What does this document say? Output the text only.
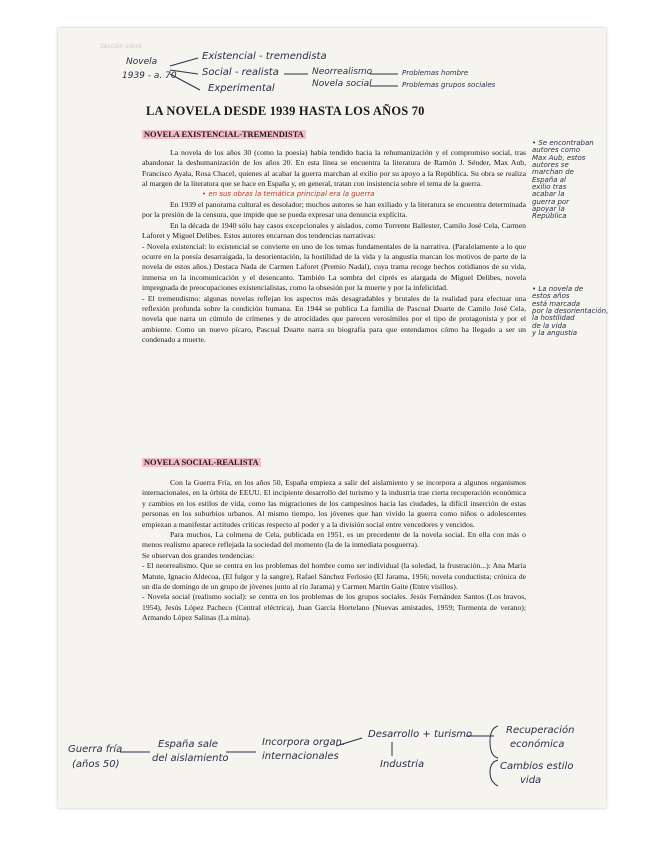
Sección sobre
Novela
1939 - a. 70
Existencial - tremendista
Social - realista	Neorrealismo
Novela social
Problemas hombre
Problemas grupos sociales
Experimental
LA NOVELA DESDE 1939 HASTA LOS AÑOS 70
NOVELA EXISTENCIAL-TREMENDISTA

La novela de los años 30 (como la poesía) había tendido hacia la rehumanización y el compromiso social, tras abandonar la deshumanización de los años 20. En esta línea se encuentra la literatura de Ramón J. Sénder, Max Aub, Francisco Ayala, Rosa Chacel, quienes al acabar la guerra marchan al exilio por su apoyo a la República. Su obra se realiza al margen de la literatura que se hace en España y, en general, tratan con insistencia sobre el tema de la guerra.

• en sus obras la temática principal era la guerra

En 1939 el panorama cultural es desolador; muchos autores se han exiliado y la literatura se encuentra determinada por la presión de la censura, que impide que se pueda expresar una denuncia explícita.

En la década de 1940 sólo hay casos excepcionales y aislados, como Torrente Ballester, Camilo José Cela, Carmen Laforet y Miguel Delibes. Estos autores encarnan dos tendencias narrativas:

- Novela existencial: lo existencial se convierte en uno de los temas fundamentales de la narrativa. (Paralelamente a lo que ocurre en la poesía desarraigada, la desorientación, la hostilidad de la vida y la angustia marcan los motivos de parte de la novela de estos años.) Destaca Nada de Carmen Laforet (Premio Nadal), cuya trama recoge hechos cotidianos de su vida, inmersa en la incomunicación y el desencanto. También La sombra del ciprés es alargada de Miguel Delibes, novela impregnada de preocupaciones existencialistas, como la obsesión por la muerte y por la infelicidad.

- El tremendismo: algunas novelas reflejan los aspectos más desagradables y brutales de la realidad para efectuar una reflexión profunda sobre la condición humana. En 1944 se publica La familia de Pascual Duarte de Camilo José Cela, novela que narra un cúmulo de crímenes y de atrocidades que parecen verosímiles por el tipo de protagonista y por el ambiente. Como un nuevo pícaro, Pascual Duarte narra su biografía para que entendamos cómo ha llegado a ser un condenado a muerte.

NOVELA SOCIAL-REALISTA

Con la Guerra Fría, en los años 50, España empieza a salir del aislamiento y se incorpora a algunos organismos internacionales, en la órbita de EEUU. El incipiente desarrollo del turismo y la industria trae cierta recuperación económica y cambios en los estilos de vida, como las migraciones de los campesinos hacia las ciudades, la difícil inserción de estas personas en los suburbios urbanos. Al mismo tiempo, los jóvenes que han vivido la guerra como niños o adolescentes empiezan a manifestar actitudes críticas respecto al poder y a la división social entre vencedores y vencidos.

Para muchos, La colmena de Cela, publicada en 1951, es un precedente de la novela social. En ella con más o menos realismo aparece reflejada la sociedad del momento (la de la inmediata posguerra).

Se observan dos grandes tendencias:

- El neorrealismo. Que se centra en los problemas del hombre como ser individual (la soledad, la frustración...): Ana María Matute, Ignacio Aldecoa, (El fulgor y la sangre), Rafael Sánchez Ferlosio (El Jarama, 1956; novela conductista; crónica de un día de domingo de un grupo de jóvenes junto al río Jarama) y Carmen Martín Gaite (Entre visillos).

- Novela social (realismo social): se centra en los problemas de los grupos sociales. Jesús Fernández Santos (Los bravos, 1954), Jesús López Pacheco (Central eléctrica), Juan García Hortelano (Nuevas amistades, 1959; Tormenta de verano); Armando López Salinas (La mina).

• Se encontraban
autores como
Max Aub, estos
autores se
marchan de
España al
exilio tras
acabar la
guerra por
apoyar la
República
• La novela de
estos años
está marcada
por la desorientación,
la hostilidad
de la vida
y la angustia
Guerra fría
(años 50)
España sale
del aislamiento
Incorpora organ.
internacionales
Desarrollo + turismo
Industria
Recuperación
económica
Cambios estilo
vida
